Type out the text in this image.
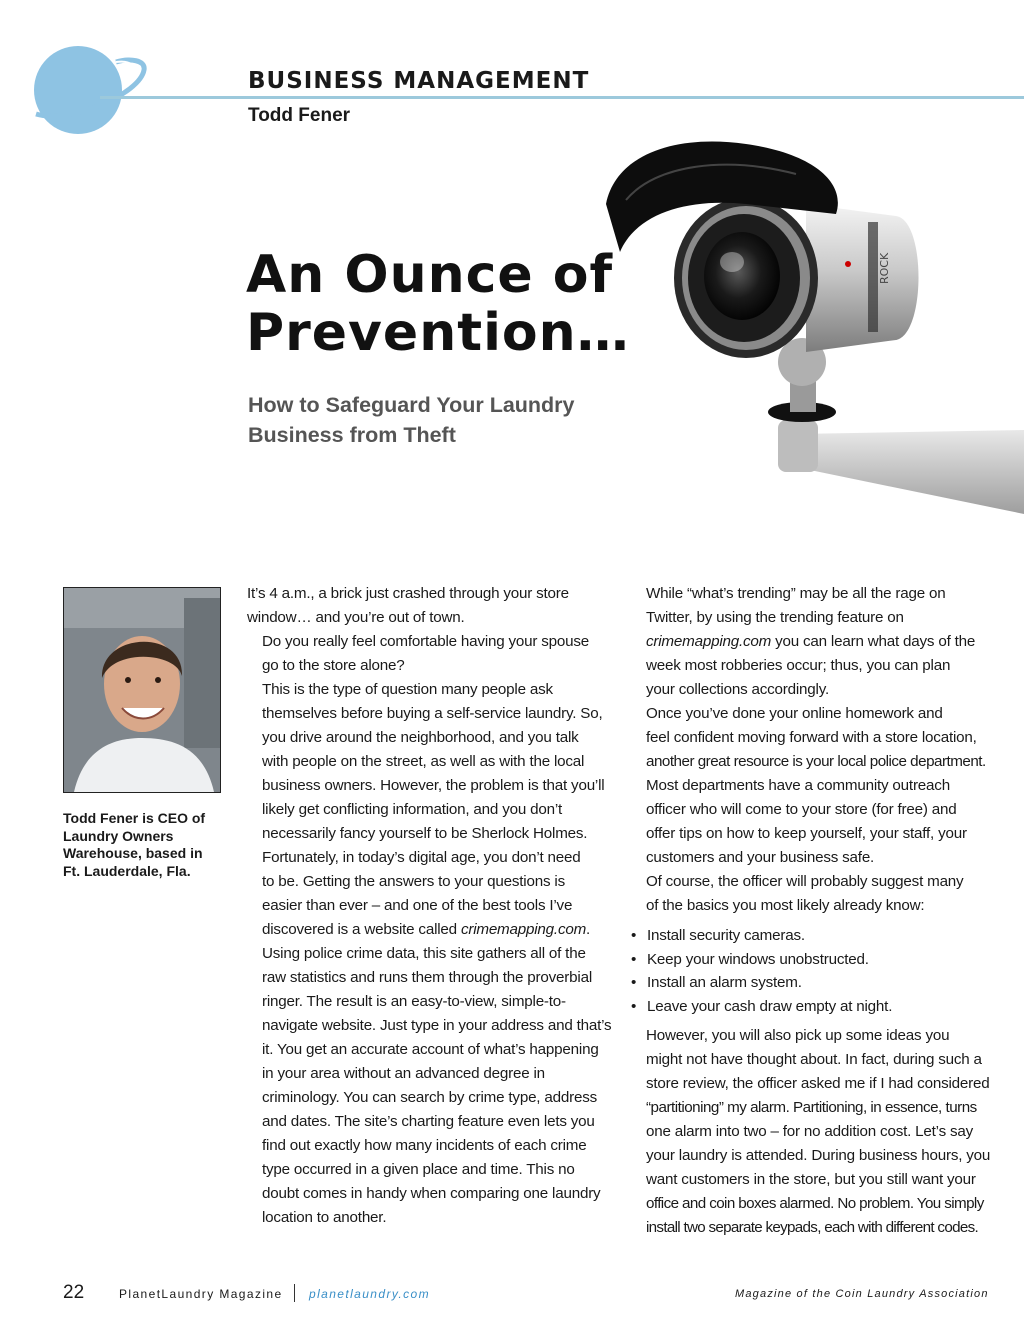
BUSINESS MANAGEMENT

Todd Fener

An Ounce of
Prevention…
How to Safeguard Your Laundry
Business from Theft
ROCK

Todd Fener is CEO of
Laundry Owners
Warehouse, based in
Ft. Lauderdale, Fla.

It’s 4 a.m., a brick just crashed through your store
window… and you’re out of town.

Do you really feel comfortable having your spouse
go to the store alone?

This is the type of question many people ask
themselves before buying a self-service laundry. So,
you drive around the neighborhood, and you talk
with people on the street, as well as with the local
business owners. However, the problem is that you’ll
likely get conflicting information, and you don’t
necessarily fancy yourself to be Sherlock Holmes.

Fortunately, in today’s digital age, you don’t need
to be. Getting the answers to your questions is
easier than ever – and one of the best tools I’ve
discovered is a website called crimemapping.com.

Using police crime data, this site gathers all of the
raw statistics and runs them through the proverbial
ringer. The result is an easy-to-view, simple-to-
navigate website. Just type in your address and that’s
it. You get an accurate account of what’s happening
in your area without an advanced degree in
criminology. You can search by crime type, address
and dates. The site’s charting feature even lets you
find out exactly how many incidents of each crime
type occurred in a given place and time. This no
doubt comes in handy when comparing one laundry
location to another.

While “what’s trending” may be all the rage on
Twitter, by using the trending feature on
crimemapping.com you can learn what days of the
week most robberies occur; thus, you can plan
your collections accordingly.

Once you’ve done your online homework and
feel confident moving forward with a store location,
another great resource is your local police department.
Most departments have a community outreach
officer who will come to your store (for free) and
offer tips on how to keep yourself, your staff, your
customers and your business safe.

Of course, the officer will probably suggest many
of the basics you most likely already know:

• Install security cameras.
• Keep your windows unobstructed.
• Install an alarm system.
• Leave your cash draw empty at night.

However, you will also pick up some ideas you
might not have thought about. In fact, during such a
store review, the officer asked me if I had considered
“partitioning” my alarm. Partitioning, in essence, turns
one alarm into two – for no addition cost. Let’s say
your laundry is attended. During business hours, you
want customers in the store, but you still want your
office and coin boxes alarmed. No problem. You simply
install two separate keypads, each with different codes.

22	PlanetLaundry Magazine planetlaundry.com	Magazine of the Coin Laundry Association
